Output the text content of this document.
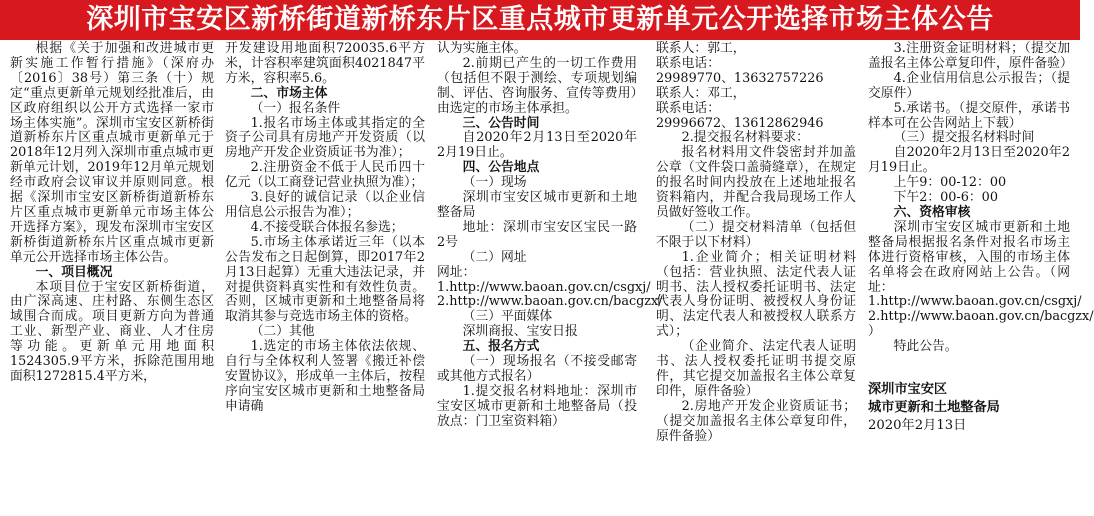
深圳市宝安区新桥街道新桥东片区重点城市更新单元公开选择市场主体公告

根据《关于加强和改进城市更新实施工作暂行措施》（深府办〔2016〕38号）第三条（十）规定“重点更新单元规划经批准后，由区政府组织以公开方式选择一家市场主体实施”。深圳市宝安区新桥街道新桥东片区重点城市更新单元于2018年12月列入深圳市重点城市更新单元计划，2019年12月单元规划经市政府会议审议并原则同意。根据《深圳市宝安区新桥街道新桥东片区重点城市更新单元市场主体公开选择方案》，现发布深圳市宝安区新桥街道新桥东片区重点城市更新单元公开选择市场主体公告。

一、项目概况

本项目位于宝安区新桥街道，由广深高速、庄村路、东侧生态区域围合而成。项目更新方向为普通工业、新型产业、商业、人才住房等功能。更新单元用地面积1524305.9平方米，拆除范围用地面积1272815.4平方米，

开发建设用地面积720035.6平方米，计容积率建筑面积4021847平方米，容积率5.6。

二、市场主体

（一）报名条件

1.报名市场主体或其指定的全资子公司具有房地产开发资质（以房地产开发企业资质证书为准）；

2.注册资金不低于人民币四十亿元（以工商登记营业执照为准）；

3.良好的诚信记录（以企业信用信息公示报告为准）；

4.不接受联合体报名参选；

5.市场主体承诺近三年（以本公告发布之日起倒算，即2017年2月13日起算）无重大违法记录，并对提供资料真实性和有效性负责。否则，区城市更新和土地整备局将取消其参与竞选市场主体的资格。

（二）其他

1.选定的市场主体依法依规、自行与全体权利人签署《搬迁补偿安置协议》，形成单一主体后，按程序向宝安区城市更新和土地整备局申请确

认为实施主体。

2.前期已产生的一切工作费用（包括但不限于测绘、专项规划编制、评估、咨询服务、宣传等费用）由选定的市场主体承担。

三、公告时间

自2020年2月13日至2020年2月19日止。

四、公告地点

（一）现场

深圳市宝安区城市更新和土地整备局

地址：深圳市宝安区宝民一路2号

（二）网址

网址：

1.http://www.baoan.gov.cn/csgxj/

2.http://www.baoan.gov.cn/bacgzx/

（三）平面媒体

深圳商报、宝安日报

五、报名方式

（一）现场报名（不接受邮寄或其他方式报名）

1.提交报名材料地址：深圳市宝安区城市更新和土地整备局（投放点：门卫室资料箱）

联系人：郭工，

联系电话：

29989770、13632757226

联系人：邓工，

联系电话：

29996672、13612862946

2.提交报名材料要求：

报名材料用文件袋密封并加盖公章（文件袋口盖骑缝章），在规定的报名时间内投放在上述地址报名资料箱内，并配合我局现场工作人员做好签收工作。

（二）提交材料清单（包括但不限于以下材料）

1.企业简介；相关证明材料（包括：营业执照、法定代表人证明书、法人授权委托证明书、法定代表人身份证明、被授权人身份证明、法定代表人和被授权人联系方式）；

（企业简介、法定代表人证明书、法人授权委托证明书提交原件，其它提交加盖报名主体公章复印件，原件备验）

2.房地产开发企业资质证书；（提交加盖报名主体公章复印件，原件备验）

3.注册资金证明材料；（提交加盖报名主体公章复印件，原件备验）

4.企业信用信息公示报告；（提交原件）

5.承诺书。（提交原件，承诺书样本可在公告网站上下载）

（三）提交报名材料时间

自2020年2月13日至2020年2月19日止。

上午9：00-12：00

下午2：00-6：00

六、资格审核

深圳市宝安区城市更新和土地整备局根据报名条件对报名市场主体进行资格审核，入围的市场主体名单将会在政府网站上公告。（网址：

1.http://www.baoan.gov.cn/csgxj/

2.http://www.baoan.gov.cn/bacgzx/ ）

特此公告。

深圳市宝安区

城市更新和土地整备局

2020年2月13日
